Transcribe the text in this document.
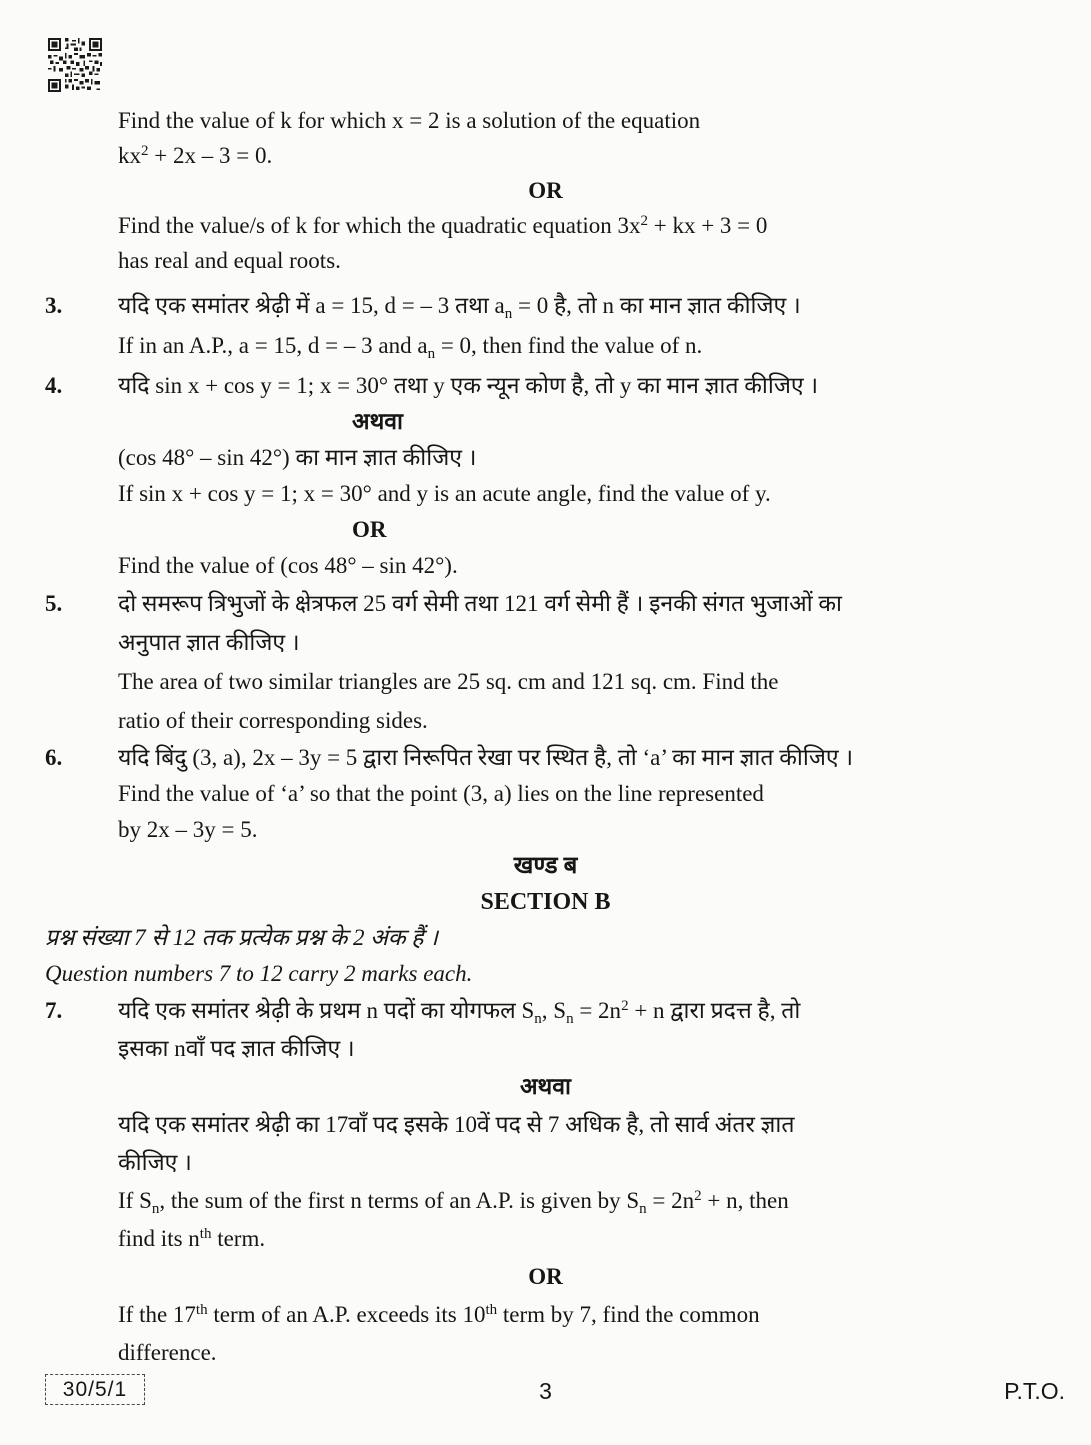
Find the value of k for which x = 2 is a solution of the equation
$kx^2 + 2x - 3 = 0$.
OR
Find the value/s of k for which the quadratic equation $3x^2$ + kx + 3 = 0
has real and equal roots.
3. यदि एक समांतर श्रेढ़ी में a = 15, d = – 3 तथा $a_n = 0$ है, तो n का मान ज्ञात कीजिए ।
If in an A.P., a = 15, d = – 3 and $a_n = 0$, then find the value of n.
4. यदि sin x + cos y = 1; x = 30° तथा y एक न्यून कोण है, तो y का मान ज्ञात कीजिए ।
अथवा
(cos 48° – sin 42°) का मान ज्ञात कीजिए ।
If sin x + cos y = 1; x = 30° and y is an acute angle, find the value of y.
OR
Find the value of (cos 48° – sin 42°).
5. दो समरूप त्रिभुजों के क्षेत्रफल 25 वर्ग सेमी तथा 121 वर्ग सेमी हैं । इनकी संगत भुजाओं का
अनुपात ज्ञात कीजिए ।
The area of two similar triangles are 25 sq. cm and 121 sq. cm. Find the
ratio of their corresponding sides.
6. यदि बिंदु (3, a), 2x – 3y = 5 द्वारा निरूपित रेखा पर स्थित है, तो ‘a’ का मान ज्ञात कीजिए ।
Find the value of ‘a’ so that the point (3, a) lies on the line represented
by 2x – 3y = 5.
खण्ड ब
SECTION B
प्रश्न संख्या 7 से 12 तक प्रत्येक प्रश्न के 2 अंक हैं ।
Question numbers 7 to 12 carry 2 marks each.
7. यदि एक समांतर श्रेढ़ी के प्रथम n पदों का योगफल $S_n$, $S_n = 2n^2 + n$ द्वारा प्रदत्त है, तो
इसका nवाँ पद ज्ञात कीजिए ।
अथवा
यदि एक समांतर श्रेढ़ी का 17वाँ पद इसके 10वें पद से 7 अधिक है, तो सार्व अंतर ज्ञात
कीजिए ।
If $S_n$, the sum of the first n terms of an A.P. is given by $S_n = 2n^2 + n$, then
find its $n^{th}$ term.
OR
If the 17th term of an A.P. exceeds its 10th term by 7, find the common
difference.
30/5/1	3	P.T.O.
